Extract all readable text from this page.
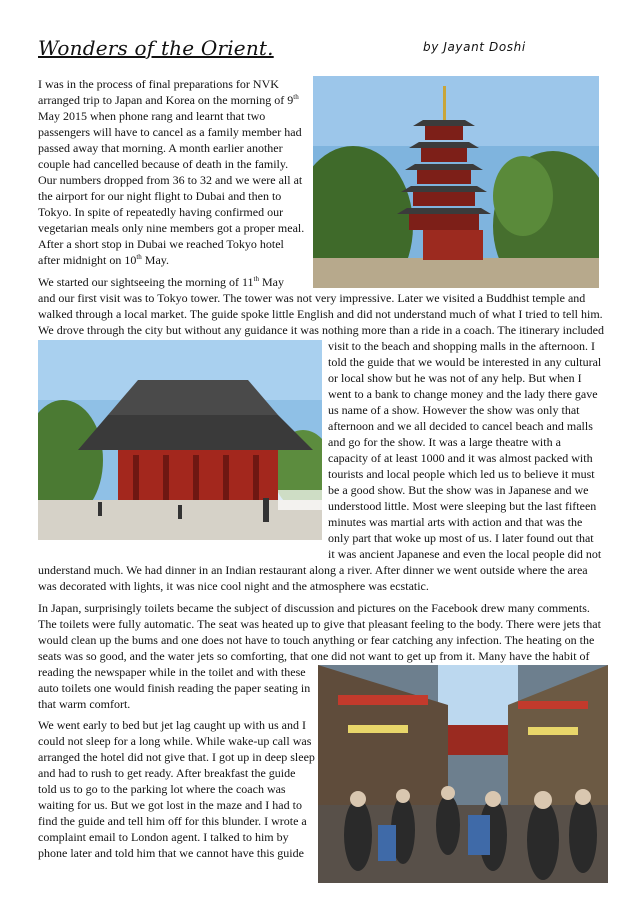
Wonders of the Orient.	by Jayant Doshi
I was in the process of final preparations for NVK
arranged trip to Japan and Korea on the morning of 9th
May 2015 when phone rang and learnt that two
passengers will have to cancel as a family member had
passed away that morning. A month earlier another
couple had cancelled because of death in the family.
Our numbers dropped from 36 to 32 and we were all at
the airport for our night flight to Dubai and then to
Tokyo. In spite of repeatedly having confirmed our
vegetarian meals only nine members got a proper meal.
After a short stop in Dubai we reached Tokyo hotel
after midnight on 10th May.
We started our sightseeing the morning of 11th May
and our first visit was to Tokyo tower. The tower was not very impressive. Later we visited a Buddhist temple and
walked through a local market. The guide spoke little English and did not understand much of what I tried to tell him.
We drove through the city but without any guidance it was nothing more than a ride in a coach. The itinerary included
visit to the beach and shopping malls in the afternoon. I
told the guide that we would be interested in any cultural
or local show but he was not of any help. But when I
went to a bank to change money and the lady there gave
us name of a show. However the show was only that
afternoon and we all decided to cancel beach and malls
and go for the show. It was a large theatre with a
capacity of at least 1000 and it was almost packed with
tourists and local people which led us to believe it must
be a good show. But the show was in Japanese and we
understood little. Most were sleeping but the last fifteen
minutes was martial arts with action and that was the
only part that woke up most of us. I later found out that
it was ancient Japanese and even the local people did not
understand much. We had dinner in an Indian restaurant along a river. After dinner we went outside where the area
was decorated with lights, it was nice cool night and the atmosphere was ecstatic.
In Japan, surprisingly toilets became the subject of discussion and pictures on the Facebook drew many comments.
The toilets were fully automatic. The seat was heated up to give that pleasant feeling to the body. There were jets that
would clean up the bums and one does not have to touch anything or fear catching any infection. The heating on the
seats was so good, and the water jets so comforting, that one did not want to get up from it. Many have the habit of
reading the newspaper while in the toilet and with these
auto toilets one would finish reading the paper seating in
that warm comfort.
We went early to bed but jet lag caught up with us and I
could not sleep for a long while. While wake-up call was
arranged the hotel did not give that. I got up in deep sleep
and had to rush to get ready. After breakfast the guide
told us to go to the parking lot where the coach was
waiting for us. But we got lost in the maze and I had to
find the guide and tell him off for this blunder. I wrote a
complaint email to London agent. I talked to him by
phone later and told him that we cannot have this guide
